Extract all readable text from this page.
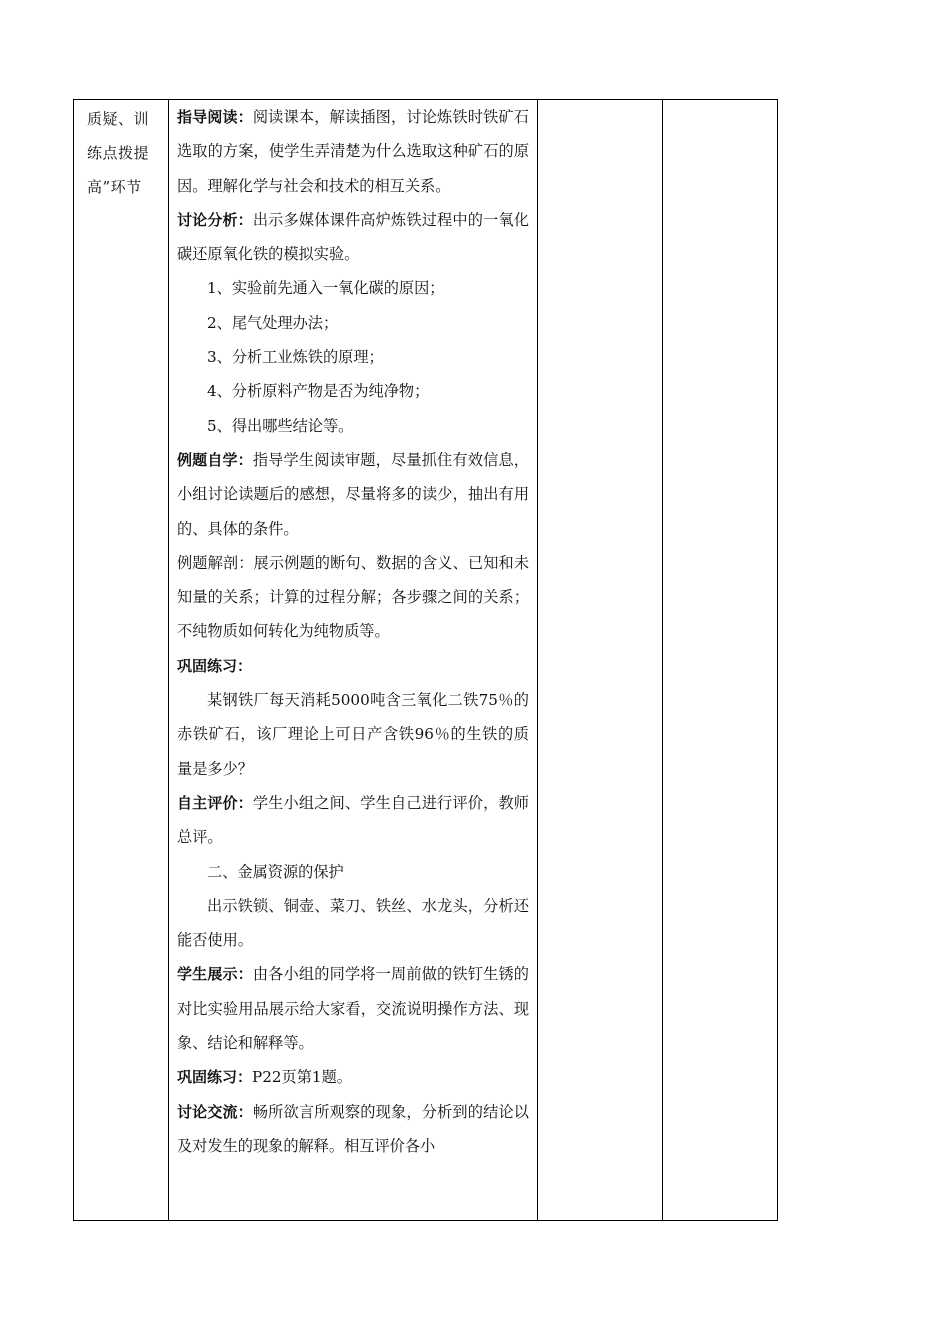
质疑、训练点拨提高”环节

指导阅读：阅读课本，解读插图，讨论炼铁时铁矿石选取的方案，使学生弄清楚为什么选取这种矿石的原因。理解化学与社会和技术的相互关系。

讨论分析：出示多媒体课件高炉炼铁过程中的一氧化碳还原氧化铁的模拟实验。

1、实验前先通入一氧化碳的原因；

2、尾气处理办法；

3、分析工业炼铁的原理；

4、分析原料产物是否为纯净物；

5、得出哪些结论等。

例题自学：指导学生阅读审题，尽量抓住有效信息，小组讨论读题后的感想，尽量将多的读少，抽出有用的、具体的条件。

例题解剖：展示例题的断句、数据的含义、已知和未知量的关系；计算的过程分解；各步骤之间的关系；不纯物质如何转化为纯物质等。

巩固练习：

某钢铁厂每天消耗5000吨含三氧化二铁75％的赤铁矿石，该厂理论上可日产含铁96％的生铁的质量是多少？

自主评价：学生小组之间、学生自己进行评价，教师总评。

二、金属资源的保护

出示铁锁、铜壶、菜刀、铁丝、水龙头，分析还能否使用。

学生展示：由各小组的同学将一周前做的铁钉生锈的对比实验用品展示给大家看，交流说明操作方法、现象、结论和解释等。

巩固练习：P22页第1题。

讨论交流：畅所欲言所观察的现象，分析到的结论以及对发生的现象的解释。相互评价各小
